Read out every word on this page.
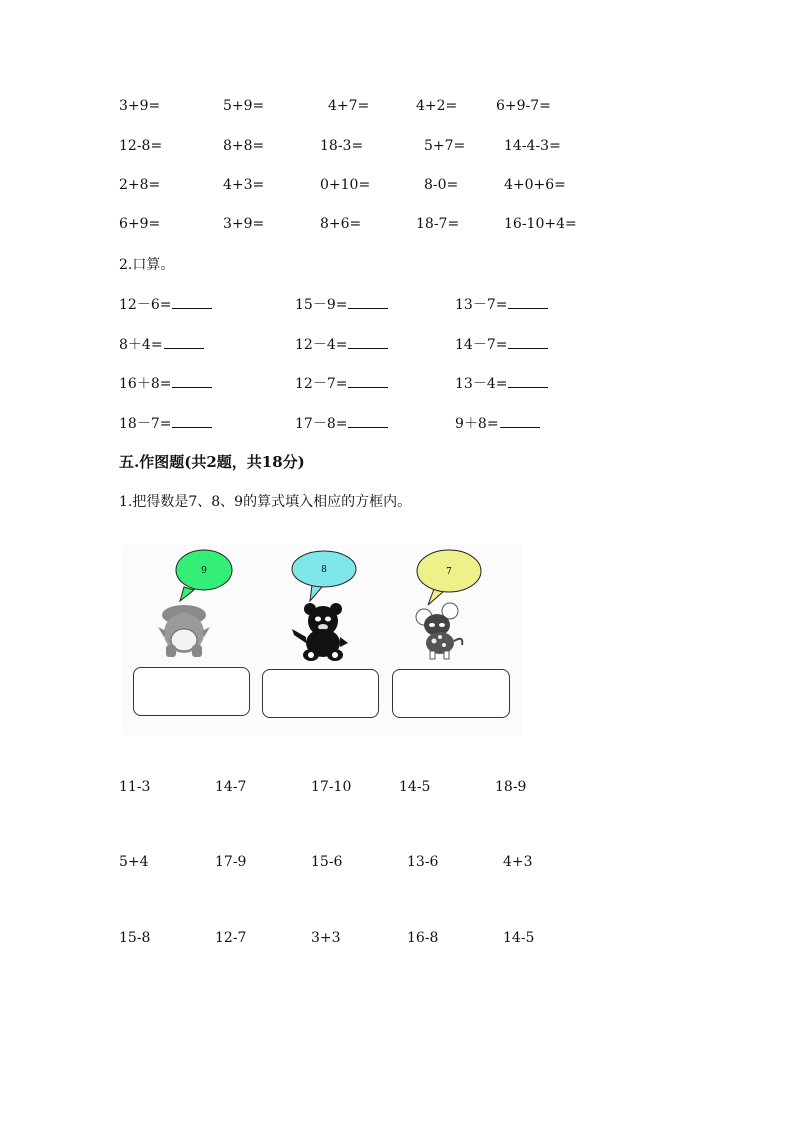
3+9=	5+9=	4+7=	4+2=	6+9-7=
12-8=	8+8=	18-3=	5+7=	14-4-3=
2+8=	4+3=	0+10=	8-0=	4+0+6=
6+9=	3+9=	8+6=	18-7=	16-10+4=
2.口算。
12－6=	15－9=	13－7=
8＋4=	12－4=	14－7=
16＋8=	12－7=	13－4=
18－7=	17－8=	9＋8=
五.作图题(共2题，共18分)
1.把得数是7、8、9的算式填入相应的方框内。
9	8	7
11-3	14-7	17-10	14-5	18-9
5+4	17-9	15-6	13-6	4+3
15-8	12-7	3+3	16-8	14-5
